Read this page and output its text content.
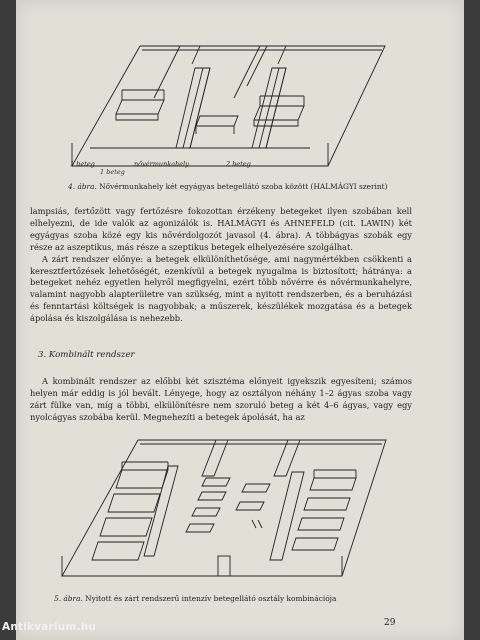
1 beteg
1 beteg	nővérmunkahely	2 beteg
4. ábra. Nővérmunkahely két egyágyas betegellátó szoba között (HALMÁGYI szerint)

lampsiás, fertőzött vagy fertőzésre fokozottan érzékeny betegeket ilyen szobában kell elhelyezni, de ide valók az agonizálók is. HALMÁGYI és AHNEFELD (cit. LAWIN) két egyágyas szoba közé egy kis nővérdolgozót javasol (4. ábra). A többágyas szobák egy része az aszeptikus, más része a szeptikus betegek elhelyezésére szolgálhat.

A zárt rendszer előnye: a betegek elkülöníthetősége, ami nagymértékben csökkenti a keresztfertőzések lehetőségét, ezenkívül a betegek nyugalma is biztosított; hátránya: a betegeket nehéz egyetlen helyről megfigyelni, ezért több nővérre és nővérmunkahelyre, valamint nagyobb alapterületre van szükség, mint a nyitott rendszerben, és a beruházási és fenntartási költségek is nagyobbak; a műszerek, készülékek mozgatása és a betegek ápolása és kiszolgálása is nehezebb.

3. Kombinált rendszer

A kombinált rendszer az előbbi két szisztéma előnyeit igyekszik egyesíteni; számos helyen már eddig is jól bevált. Lényege, hogy az osztályon néhány 1–2 ágyas szoba vagy zárt fülke van, míg a többi, elkülönítésre nem szoruló beteg a két 4–6 ágyas, vagy egy nyolcágyas szobába kerül. Megnehezíti a betegek ápolását, ha az

5. ábra. Nyitott és zárt rendszerű intenzív betegellátó osztály kombinációja
29
Antikvarium.hu
